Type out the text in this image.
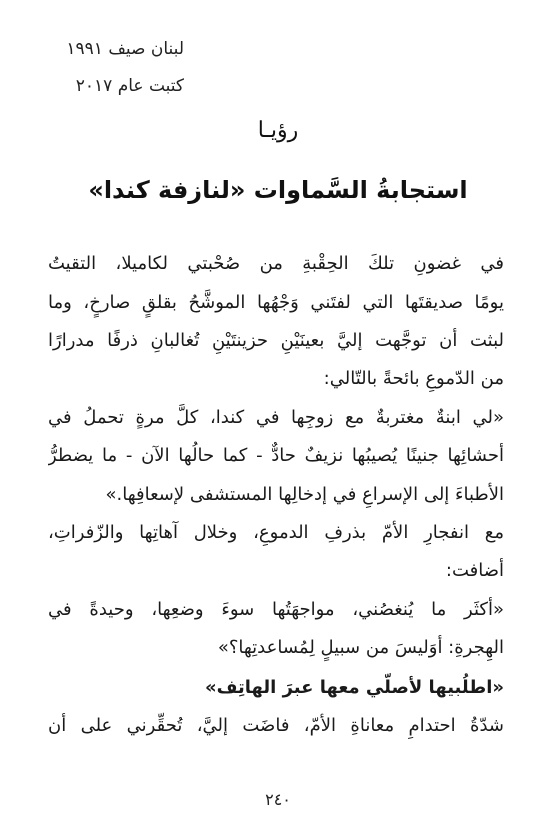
لبنان صيف ١٩٩١
كتبت عام ٢٠١٧
رؤيـا
استجابةُ السَّماوات «لنازفة كندا»
في غضونِ تلكَ الحِقْبةِ من صُحْبتي لكاميلا، التقيتُ
يومًا صديقتَها التي لفتَني وَجْهُها الموشَّحُ بقلقٍ صارخٍ، وما
لبثت أن توجَّهت إليَّ بعينَيْنِ حزينتَيْنِ تُغالبانِ ذرفًا مدرارًا
من الدّموعِ بائحةً بالتّالي:
«لي ابنةٌ مغتربةٌ مع زوجِها في كندا، كلَّ مرةٍ تحملُ في
أحشائِها جنينًا يُصيبُها نزيفٌ حادٌّ - كما حالُها الآن - ما يضطرُّ
الأطباءَ إلى الإسراعِ في إدخالِها المستشفى لإسعافِها.»
مع انفجارِ الأمّ بذرفِ الدموعِ، وخلال آهاتِها والزّفراتِ،
أضافت:
«أكثَر ما يُنغصُني، مواجهَتُها سوءَ وضعِها، وحيدةً في
الهِجرةِ: أوَليسَ من سبيلٍ لِمُساعدتِها؟»
«اطلُبيها لأصلّي معها عبرَ الهاتِف»
شدّةُ احتدامِ معاناةِ الأمّ، فاضَت إليَّ، تُحقِّرني على أن
٢٤٠
